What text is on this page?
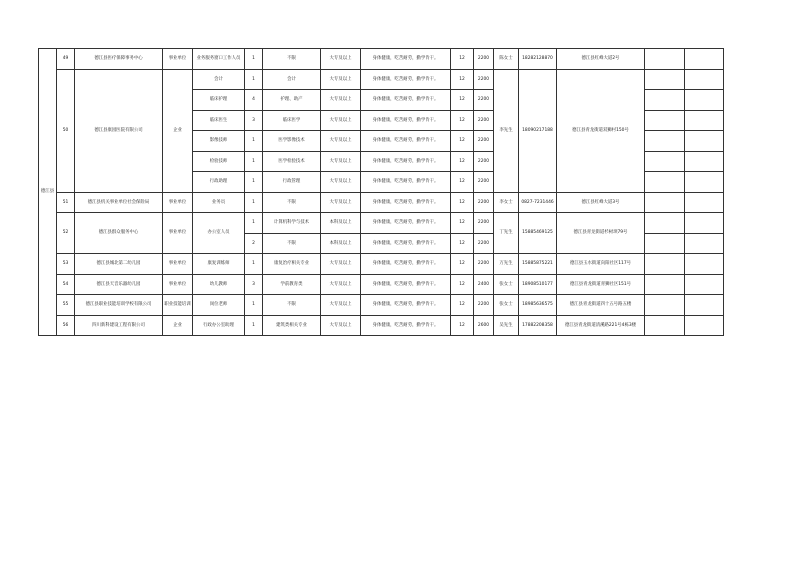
德江县	49	德江县医疗保障事务中心	事业单位	业务服务窗口工作人员	1	不限	大专及以上	身体健康，吃苦耐劳，勤学肯干。	12	2200	陈女士	18282128870	德江县红峰大道2号		
	50	德江县康园医院有限公司	企业	会计	1	会计	大专及以上	身体健康，吃苦耐劳，勤学肯干。	12	2200	李先生	18090217188	德江县青龙街道双狮村150号		
				临床护理	4	护理、助产	大专及以上	身体健康，吃苦耐劳，勤学肯干。	12	2200					
				临床医生	3	临床医学	大专及以上	身体健康，吃苦耐劳，勤学肯干。	12	2200					
				影像技师	1	医学影像技术	大专及以上	身体健康，吃苦耐劳，勤学肯干。	12	2200					
				检验技师	1	医学检验技术	大专及以上	身体健康，吃苦耐劳，勤学肯干。	12	2200					
				行政助理	1	行政管理	大专及以上	身体健康，吃苦耐劳，勤学肯干。	12	2200					
	51	德江县机关事业单位社会保险局	事业单位	业务员	1	不限	大专及以上	身体健康，吃苦耐劳，勤学肯干。	12	2200	李女士	0827-7231446	德江县红峰大道3号		
	52	德江县群众服务中心	事业单位	办公室人员	1	计算机科学与技术	本科及以上	身体健康，吃苦耐劳，勤学肯干。	12	2200	丁先生	15885469125	德江县青龙街道杉树坝79号		
					2	不限	本科及以上	身体健康，吃苦耐劳，勤学肯干。	12	2200					
	53	德江县城北第二幼儿园	事业单位	康复训练师	1	康复治疗相关专业	大专及以上	身体健康，吃苦耐劳，勤学肯干。	12	2200	万先生	15885875221	德江县玉水街道向阳社区117号		
	54	德江县天音乐器幼儿园	事业单位	幼儿教师	3	学前教育类	大专及以上	身体健康，吃苦耐劳，勤学肯干。	12	2400	张女士	18908510177	德江县青龙街道青狮社区151号		
	55	德江县职业技能培训学校有限公司	职业技能培训	岗位老师	1	不限	大专及以上	身体健康，吃苦耐劳，勤学肯干。	12	2200	张女士	18985636575	德江县青龙街道四十五号路五楼		
	56	四川新科建设工程有限公司	企业	行政办公室助理	1	建筑类相关专业	大专及以上	身体健康，吃苦耐劳，勤学肯干。	12	2600	吴先生	17882208358	德江县青龙街道清溪路221号4栋3楼		
